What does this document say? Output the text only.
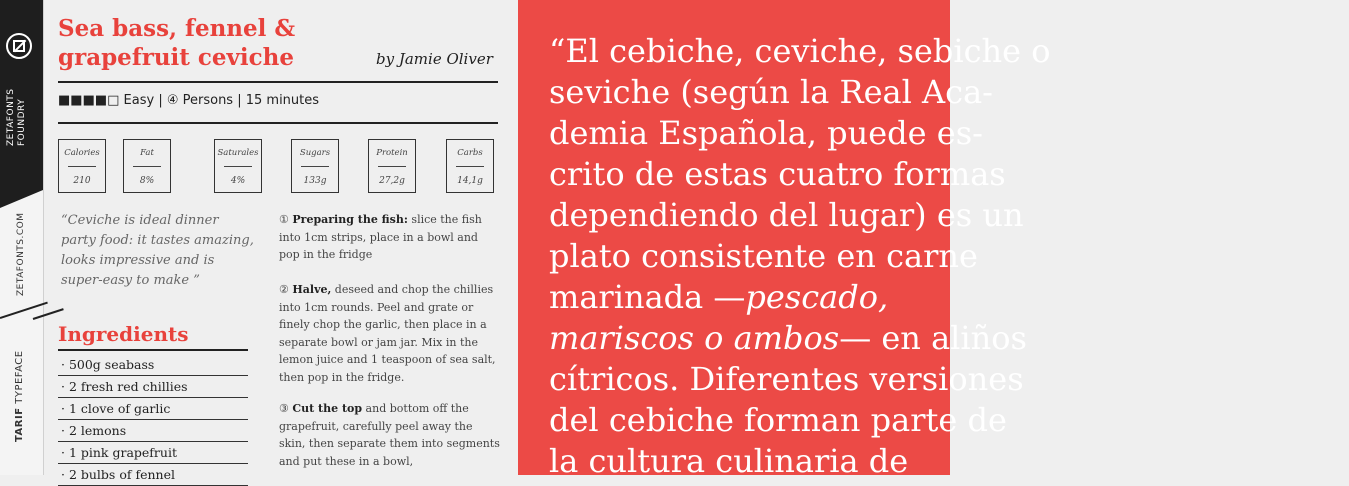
ZETAFONTS FOUNDRY
ZETAFONTS.COM
TARIF TYPEFACE
Sea bass, fennel & grapefruit ceviche	by Jamie Oliver
■■■■□ Easy | ④ Persons | 15 minutes
Calories
210
Fat
8%
Saturales
4%
Sugars
133g
Protein
27,2g
Carbs
14,1g

“Ceviche is ideal dinner party food: it tastes amazing, looks impressive and is super-easy to make ”

Ingredients
· 500g seabass
· 2 fresh red chillies
· 1 clove of garlic
· 2 lemons
· 1 pink grapefruit
· 2 bulbs of fennel

① Preparing the fish: slice the fish into 1cm strips, place in a bowl and pop in the fridge

② Halve, deseed and chop the chillies into 1cm rounds. Peel and grate or finely chop the garlic, then place in a separate bowl or jam jar. Mix in the lemon juice and 1 teaspoon of sea salt, then pop in the fridge.

③ Cut the top and bottom off the grapefruit, carefully peel away the skin, then separate them into segments and put these in a bowl,

“El cebiche, ceviche, sebiche o
seviche (según la Real Aca-
demia Española, puede es-
crito de estas cuatro formas
dependiendo del lugar) es un
plato consistente en carne
marinada —pescado,
mariscos o ambos— en aliños
cítricos. Diferentes versiones
del cebiche forman parte de
la cultura culinaria de
